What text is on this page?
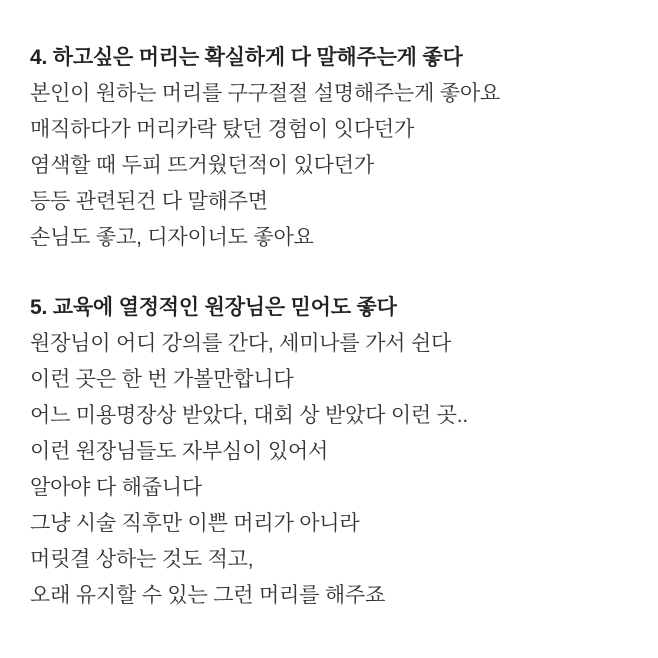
4. 하고싶은 머리는 확실하게 다 말해주는게 좋다
본인이 원하는 머리를 구구절절 설명해주는게 좋아요
매직하다가 머리카락 탔던 경험이 잇다던가
염색할 때 두피 뜨거웠던적이 있다던가
등등 관련된건 다 말해주면
손님도 좋고, 디자이너도 좋아요
5. 교육에 열정적인 원장님은 믿어도 좋다
원장님이 어디 강의를 간다, 세미나를 가서 쉰다
이런 곳은 한 번 가볼만합니다
어느 미용명장상 받았다, 대회 상 받았다 이런 곳..
이런 원장님들도 자부심이 있어서
알아야 다 해줍니다
그냥 시술 직후만 이쁜 머리가 아니라
머릿결 상하는 것도 적고,
오래 유지할 수 있는 그런 머리를 해주죠
